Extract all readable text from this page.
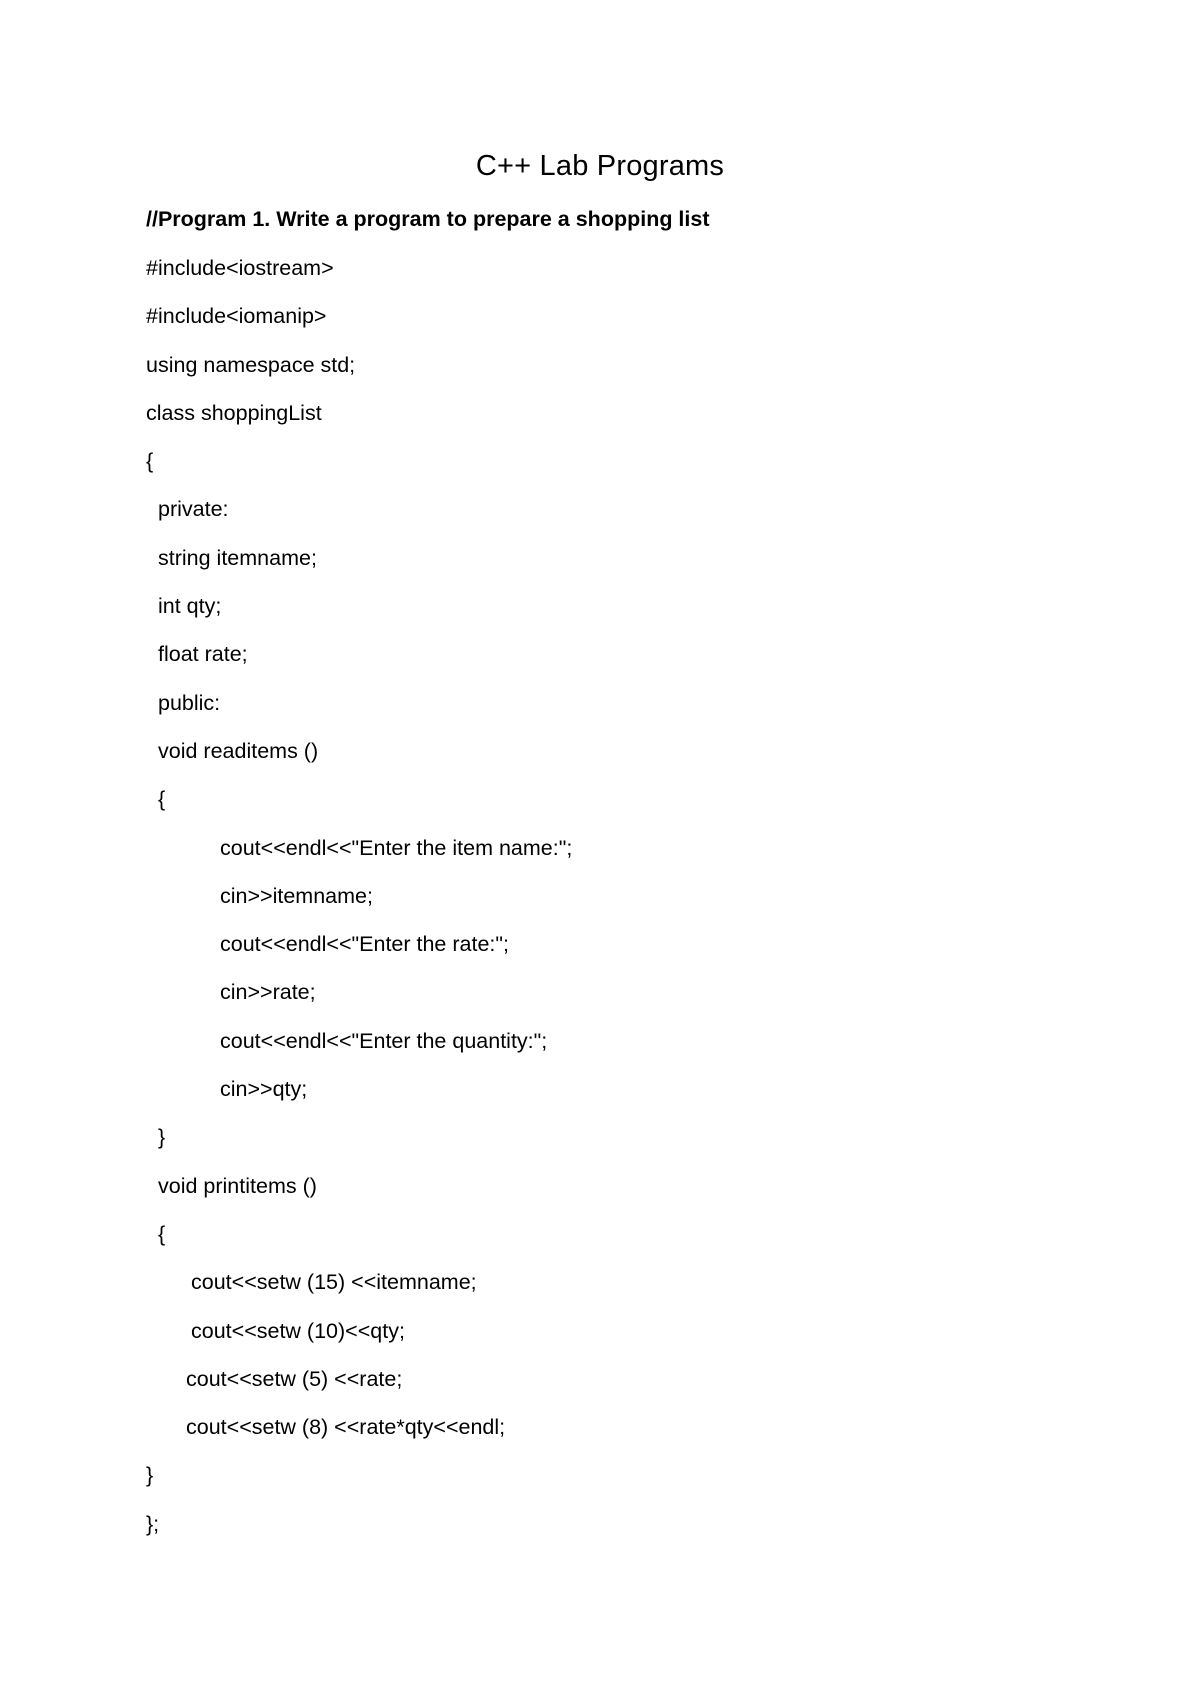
C++ Lab Programs
//Program 1. Write a program to prepare a shopping list
#include<iostream>
#include<iomanip>
using namespace std;
class shoppingList
{
private:
string itemname;
int qty;
float rate;
public:
void readitems ()
{
cout<<endl<<"Enter the item name:";
cin>>itemname;
cout<<endl<<"Enter the rate:";
cin>>rate;
cout<<endl<<"Enter the quantity:";
cin>>qty;
}
void printitems ()
{
cout<<setw (15) <<itemname;
cout<<setw (10)<<qty;
cout<<setw (5) <<rate;
cout<<setw (8) <<rate*qty<<endl;
}
};
